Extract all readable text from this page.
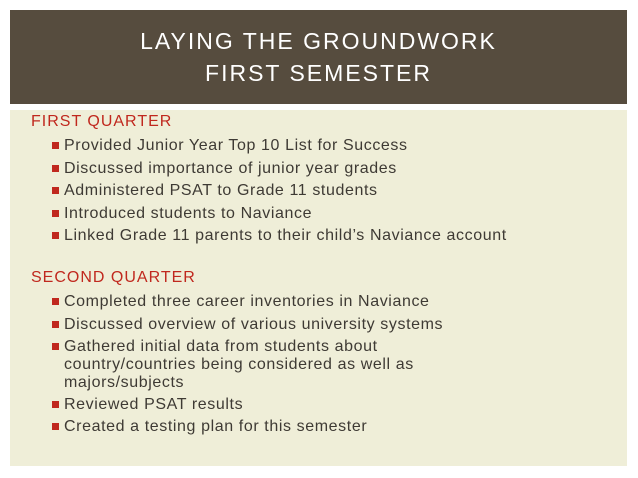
LAYING THE GROUNDWORK
FIRST SEMESTER
FIRST QUARTER
Provided Junior Year Top 10 List for Success
Discussed importance of junior year grades
Administered PSAT to Grade 11 students
Introduced students to Naviance
Linked Grade 11 parents to their child’s Naviance account
SECOND QUARTER
Completed three career inventories in Naviance
Discussed overview of various university systems
Gathered initial data from students about
country/countries being considered as well as
majors/subjects
Reviewed PSAT results
Created a testing plan for this semester
